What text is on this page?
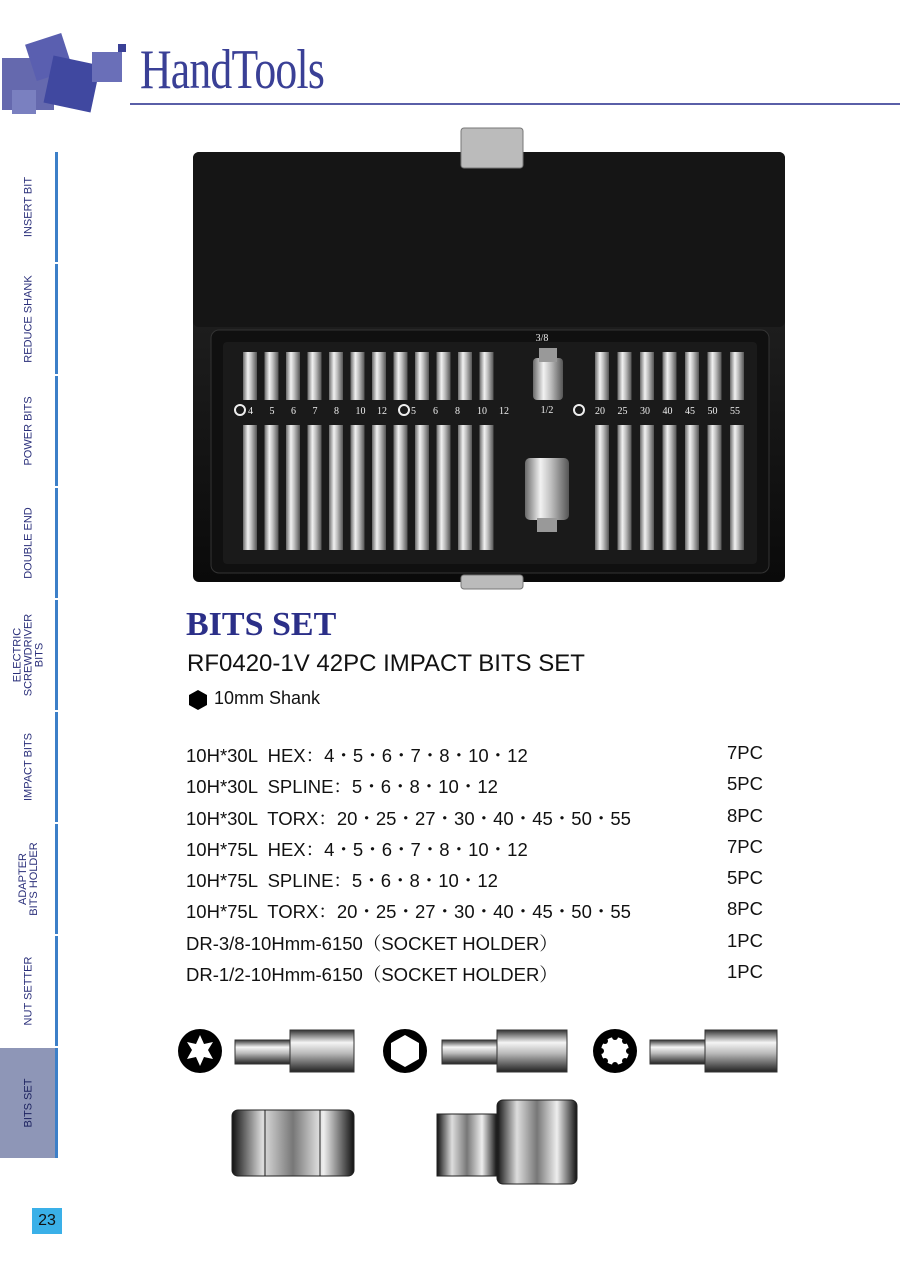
HandTools
INSERT BIT
REDUCE SHANK
POWER BITS
DOUBLE END
ELECTRIC
SCREWDRIVER BITS
IMPACT BITS
ADAPTER
BITS HOLDER
NUT SETTER
BITS SET
3/8
1/2
4 5 6 7 8 10 12 5 6 8 10 12	20 25 30 40 45 50 55
BITS SET
RF0420-1V 42PC IMPACT BITS SET
10mm Shank
10H*30L  HEX：4・5・6・7・8・10・12	7PC
10H*30L  SPLINE：5・6・8・10・12	5PC
10H*30L  TORX：20・25・27・30・40・45・50・55	8PC
10H*75L  HEX：4・5・6・7・8・10・12	7PC
10H*75L  SPLINE：5・6・8・10・12	5PC
10H*75L  TORX：20・25・27・30・40・45・50・55	8PC
DR-3/8-10Hmm-6150（SOCKET HOLDER）	1PC
DR-1/2-10Hmm-6150（SOCKET HOLDER）	1PC
23
